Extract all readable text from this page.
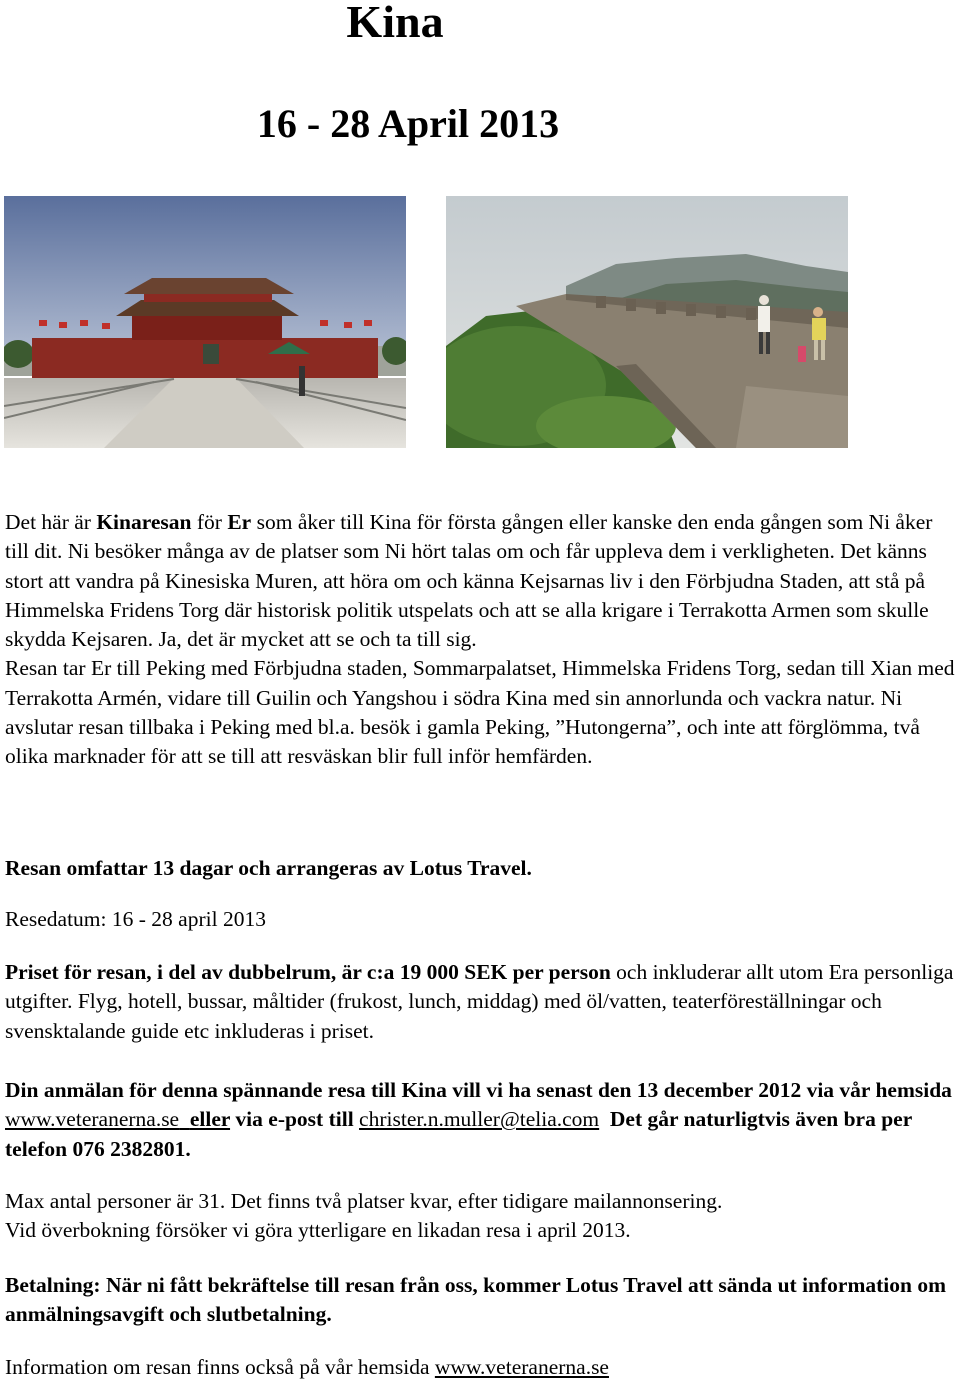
Kina
16 - 28 April 2013

Det här är Kinaresan för Er som åker till Kina för första gången eller kanske den enda gången som Ni åker till dit. Ni besöker många av de platser som Ni hört talas om och får uppleva dem i verkligheten. Det känns stort att vandra på Kinesiska Muren, att höra om och känna Kejsarnas liv i den Förbjudna Staden, att stå på Himmelska Fridens Torg där historisk politik utspelats och att se alla krigare i Terrakotta Armen som skulle skydda Kejsaren. Ja, det är mycket att se och ta till sig.

Resan tar Er till Peking med Förbjudna staden, Sommarpalatset, Himmelska Fridens Torg, sedan till Xian med Terrakotta Armén, vidare till Guilin och Yangshou i södra Kina med sin annorlunda och vackra natur. Ni avslutar resan tillbaka i Peking med bl.a. besök i gamla Peking, ”Hutongerna”, och inte att förglömma, två olika marknader för att se till att resväskan blir full inför hemfärden.

Resan omfattar 13 dagar och arrangeras av Lotus Travel.
Resedatum: 16 - 28 april 2013
Priset för resan, i del av dubbelrum, är c:a 19 000 SEK per person och inkluderar allt utom Era personliga utgifter. Flyg, hotell, bussar, måltider (frukost, lunch, middag) med öl/vatten, teaterföreställningar och svensktalande guide etc inkluderas i priset.
Din anmälan för denna spännande resa till Kina vill vi ha senast den 13 december 2012 via vår hemsida www.veteranerna.se eller via e-post till christer.n.muller@telia.com  Det går naturligtvis även bra per telefon 076 2382801.

Max antal personer är 31. Det finns två platser kvar, efter tidigare mailannonsering.

Vid överbokning försöker vi göra ytterligare en likadan resa i april 2013.

Betalning: När ni fått bekräftelse till resan från oss, kommer Lotus Travel att sända ut information om anmälningsavgift och slutbetalning.
Information om resan finns också på vår hemsida www.veteranerna.se
